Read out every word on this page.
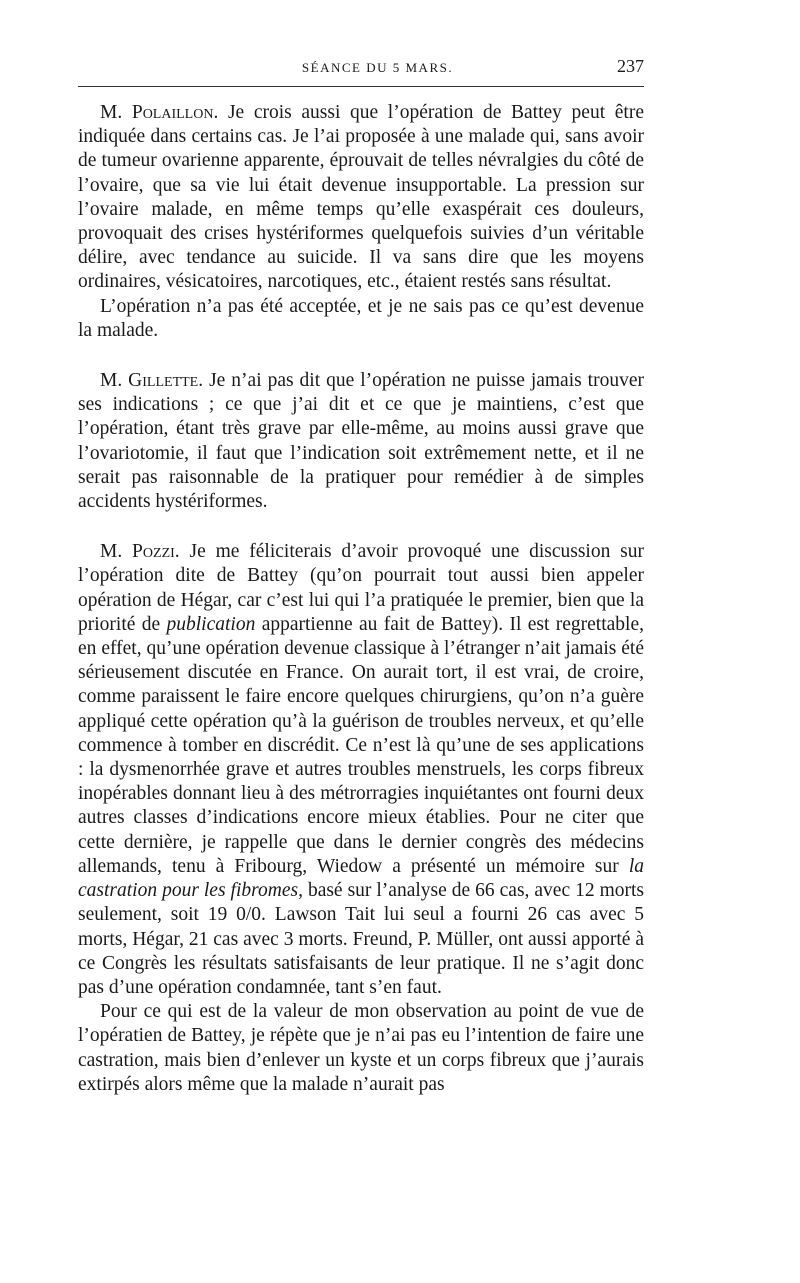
SÉANCE DU 5 MARS.	237

M. Polaillon. Je crois aussi que l’opération de Battey peut être indiquée dans certains cas. Je l’ai proposée à une malade qui, sans avoir de tumeur ovarienne apparente, éprouvait de telles névralgies du côté de l’ovaire, que sa vie lui était devenue insupportable. La pression sur l’ovaire malade, en même temps qu’elle exaspérait ces douleurs, provoquait des crises hystériformes quelquefois suivies d’un véritable délire, avec tendance au suicide. Il va sans dire que les moyens ordinaires, vésicatoires, narcotiques, etc., étaient restés sans résultat.

L’opération n’a pas été acceptée, et je ne sais pas ce qu’est devenue la malade.

M. Gillette. Je n’ai pas dit que l’opération ne puisse jamais trouver ses indications ; ce que j’ai dit et ce que je maintiens, c’est que l’opération, étant très grave par elle-même, au moins aussi grave que l’ovariotomie, il faut que l’indication soit extrêmement nette, et il ne serait pas raisonnable de la pratiquer pour remédier à de simples accidents hystériformes.

M. Pozzi. Je me féliciterais d’avoir provoqué une discussion sur l’opération dite de Battey (qu’on pourrait tout aussi bien appeler opération de Hégar, car c’est lui qui l’a pratiquée le premier, bien que la priorité de publication appartienne au fait de Battey). Il est regrettable, en effet, qu’une opération devenue classique à l’étranger n’ait jamais été sérieusement discutée en France. On aurait tort, il est vrai, de croire, comme paraissent le faire encore quelques chirurgiens, qu’on n’a guère appliqué cette opération qu’à la guérison de troubles nerveux, et qu’elle commence à tomber en discrédit. Ce n’est là qu’une de ses applications : la dysmenorrhée grave et autres troubles menstruels, les corps fibreux inopérables donnant lieu à des métrorragies inquiétantes ont fourni deux autres classes d’indications encore mieux établies. Pour ne citer que cette dernière, je rappelle que dans le dernier congrès des médecins allemands, tenu à Fribourg, Wiedow a présenté un mémoire sur la castration pour les fibromes, basé sur l’analyse de 66 cas, avec 12 morts seulement, soit 19 0/0. Lawson Tait lui seul a fourni 26 cas avec 5 morts, Hégar, 21 cas avec 3 morts. Freund, P. Müller, ont aussi apporté à ce Congrès les résultats satisfaisants de leur pratique. Il ne s’agit donc pas d’une opération condamnée, tant s’en faut.

Pour ce qui est de la valeur de mon observation au point de vue de l’opératien de Battey, je répète que je n’ai pas eu l’intention de faire une castration, mais bien d’enlever un kyste et un corps fibreux que j’aurais extirpés alors même que la malade n’aurait pas
